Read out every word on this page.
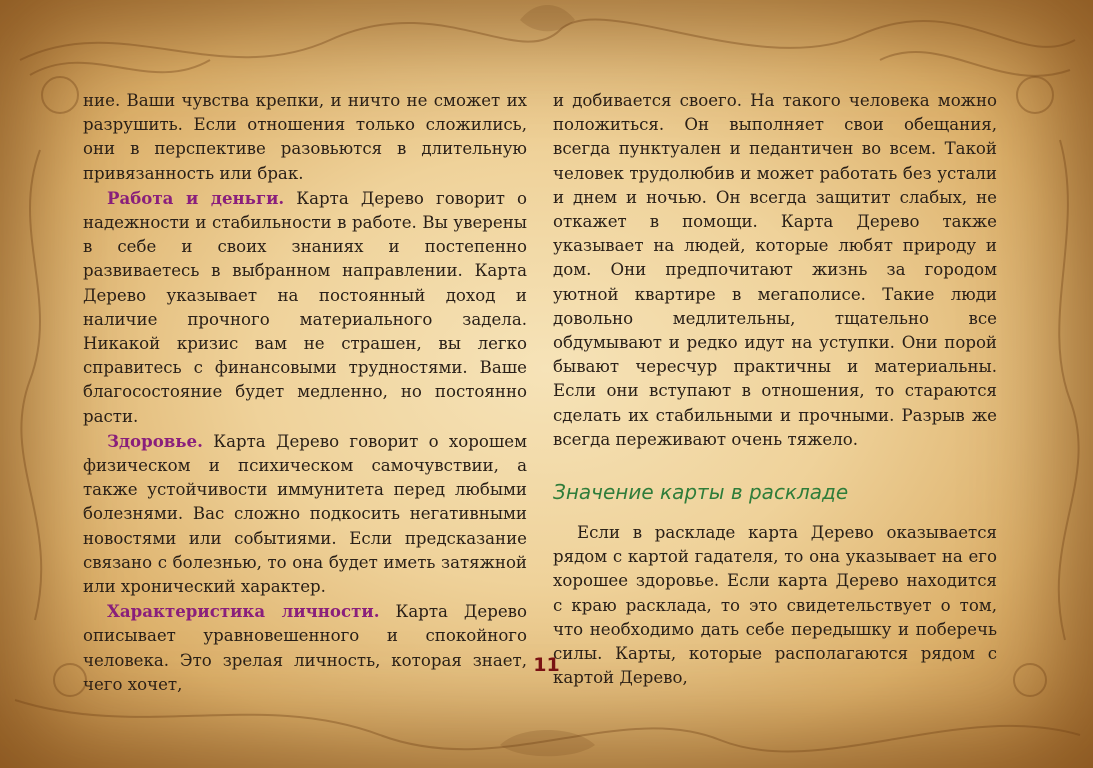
ние. Ваши чувства крепки, и ничто не сможет их разрушить. Если отношения только сложились, они в перспективе разовьются в длительную привязанность или брак.

Работа и деньги. Карта Дерево говорит о надежности и стабильности в работе. Вы уверены в себе и своих знаниях и постепенно развиваетесь в выбранном направлении. Карта Дерево указывает на постоянный доход и наличие прочного материального задела. Никакой кризис вам не страшен, вы легко справитесь с финансовыми трудностями. Ваше благосостояние будет медленно, но постоянно расти.

Здоровье. Карта Дерево говорит о хорошем физическом и психическом самочувствии, а также устойчивости иммунитета перед любыми болезнями. Вас сложно подкосить негативными новостями или событиями. Если предсказание связано с болезнью, то она будет иметь затяжной или хронический характер.

Характеристика личности. Карта Дерево описывает уравновешенного и спокойного человека. Это зрелая личность, которая знает, чего хочет,

и добивается своего. На такого человека можно положиться. Он выполняет свои обещания, всегда пунктуален и педантичен во всем. Такой человек трудолюбив и может работать без устали и днем и ночью. Он всегда защитит слабых, не откажет в помощи. Карта Дерево также указывает на людей, которые любят природу и дом. Они предпочитают жизнь за городом уютной квартире в мегаполисе. Такие люди довольно медлительны, тщательно все обдумывают и редко идут на уступки. Они порой бывают чересчур практичны и материальны. Если они вступают в отношения, то стараются сделать их стабильными и прочными. Разрыв же всегда переживают очень тяжело.

Значение карты в раскладе

Если в раскладе карта Дерево оказывается рядом с картой гадателя, то она указывает на его хорошее здоровье. Если карта Дерево находится с краю расклада, то это свидетельствует о том, что необходимо дать себе передышку и поберечь силы. Карты, которые располагаются рядом с картой Дерево,

11
